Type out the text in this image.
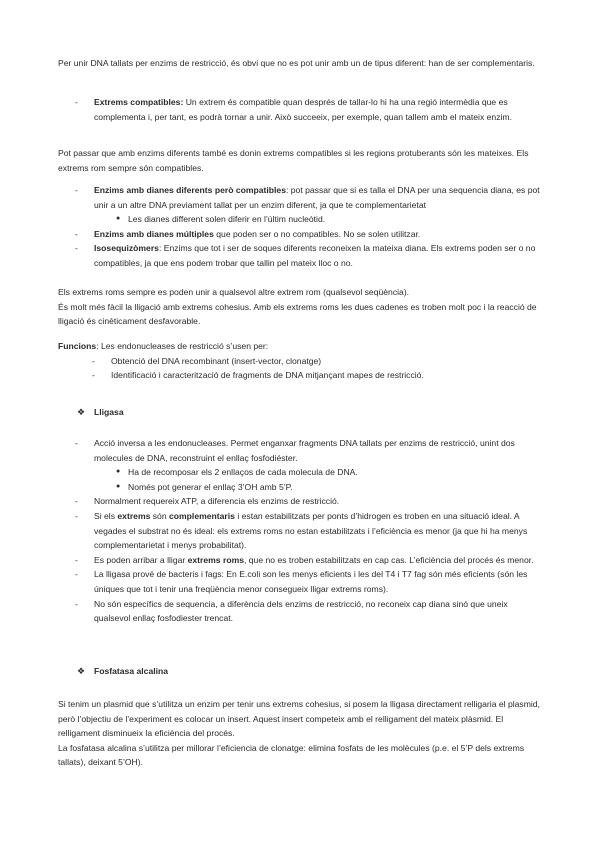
Per unir DNA tallats per enzims de restricció, és obvi que no es pot unir amb un de tipus diferent: han de ser complementaris.

-	Extrems compatibles: Un extrem és compatible quan després de tallar-lo hi ha una regió intermèdia que es complementa i, per tant, es podrà tornar a unir. Això succeeix, per exemple, quan tallem amb el mateix enzim.

Pot passar que amb enzims diferents també es donin extrems compatibles si les regions protuberants són les mateixes. Els extrems rom sempre són compatibles.

-	Enzims amb dianes diferents però compatibles: pot passar que si es talla el DNA per una sequencia diana, es pot unir a un altre DNA previament tallat per un enzim diferent, ja que te complementarietat
● Les dianes different solen diferir en l’últim nucleòtid.
-	Enzims amb dianes múltiples que poden ser o no compatibles. No se solen utilitzar.
-	Isosequizòmers: Enzims que tot i ser de soques diferents reconeixen la mateixa diana. Els extrems poden ser o no compatibles, ja que ens podem trobar que tallin pel mateix lloc o no.

Els extrems roms sempre es poden unir a qualsevol altre extrem rom (qualsevol seqüència).

És molt més fàcil la lligació amb extrems cohesius. Amb els extrems roms les dues cadenes es troben molt poc i la reacció de lligació és cinèticament desfavorable.

Funcions: Les endonucleases de restricció s’usen per:

-	Obtenció del DNA recombinant (insert-vector, clonatge)
-	Identificació i caracterització de fragments de DNA mitjançant mapes de restricció.
❖	Lligasa
-	Acció inversa a les endonucleases. Permet enganxar fragments DNA tallats per enzims de restricció, unint dos molecules de DNA, reconstruint el enllaç fosfodiéster.
● Ha de recomposar els 2 enllaços de cada molecula de DNA.
● Només pot generar el enllaç 3’OH amb 5’P.
-	Normalment requereix ATP, a diferencia els enzims de restricció.
-	Si els extrems són complementaris i estan estabilitzats per ponts d’hidrogen es troben en una situació ideal. A vegades el substrat no és ideal: els extrems roms no estan estabilitzats i l’eficiència es menor (ja que hi ha menys complementarietat i menys probabilitat).
-	Es poden arribar a lligar extrems roms, que no es troben estabilitzats en cap cas. L’eficiència del procés és menor.
-	La lligasa prové de bacteris i fags: En E.coli son les menys eficients i les del T4 i T7 fag són més eficients (són les úniques que tot i tenir una freqüència menor consegueix lligar extrems roms).
-	No són específics de sequencia, a diferència dels enzims de restricció, no reconeix cap diana sinó que uneix qualsevol enllaç fosfodiester trencat.
❖	Fosfatasa alcalina

Si tenim un plasmid que s’utilitza un enzim per tenir uns extrems cohesius, si posem la lligasa directament relligaria el plasmid, però l’objectiu de l’experiment es colocar un insert. Aquest insert competeix amb el relligament del mateix plàsmid. El relligament disminueix la eficiència del procés.

La fosfatasa alcalina s’utilitza per millorar l’eficiencia de clonatge: elimina fosfats de les molècules (p.e. el 5’P dels extrems tallats), deixant 5’OH).
